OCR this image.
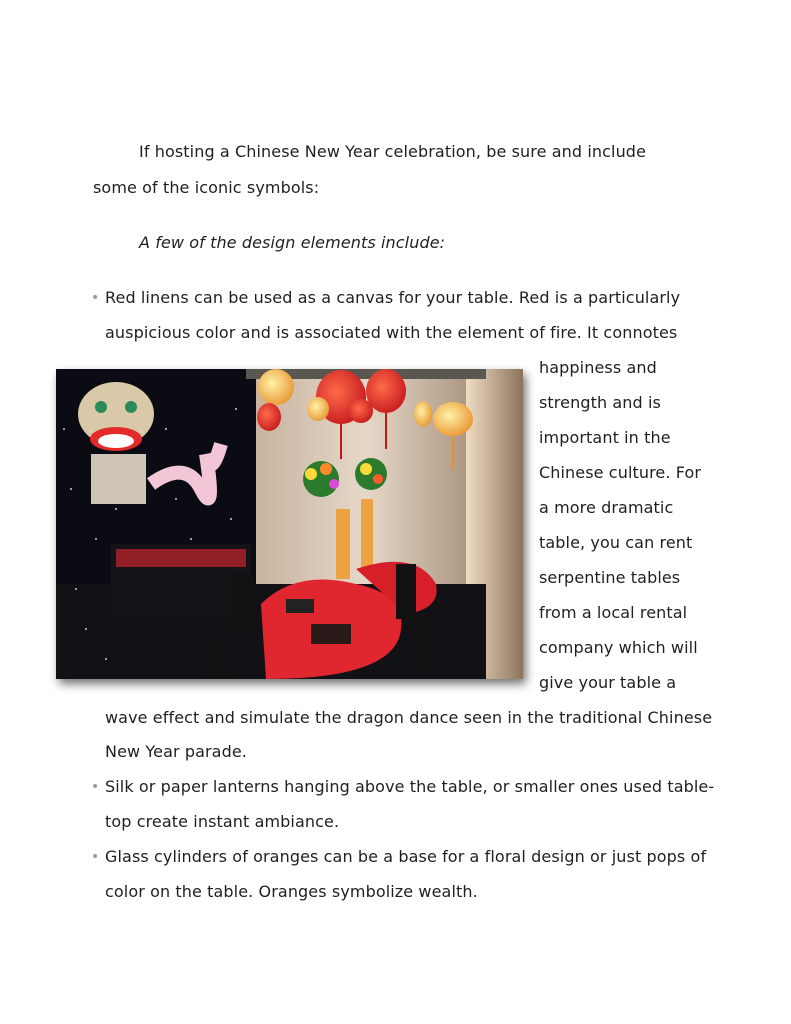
If hosting a Chinese New Year celebration, be sure and include
some of the iconic symbols:
A few of the design elements include:
• Red linens can be used as a canvas for your table. Red is a particularly
auspicious color and is associated with the element of fire. It connotes
happiness and
strength and is
important in the
Chinese culture. For
a more dramatic
table, you can rent
serpentine tables
from a local rental
company which will
give your table a
wave effect and simulate the dragon dance seen in the traditional Chinese
New Year parade.
• Silk or paper lanterns hanging above the table, or smaller ones used table-
top create instant ambiance.
• Glass cylinders of oranges can be a base for a floral design or just pops of
color on the table. Oranges symbolize wealth.
